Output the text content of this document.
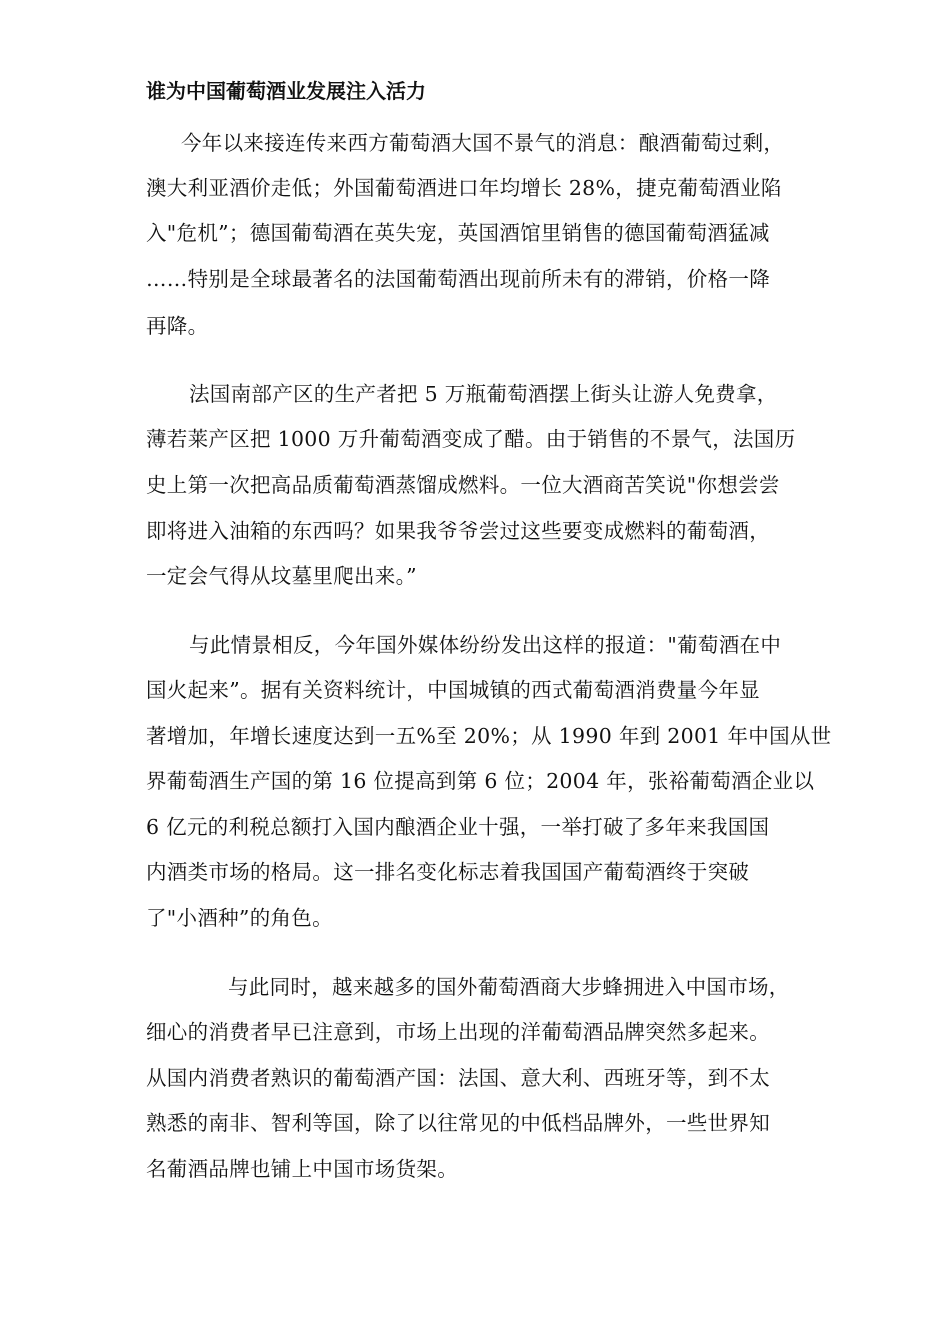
谁为中国葡萄酒业发展注入活力
今年以来接连传来西方葡萄酒大国不景气的消息：酿酒葡萄过剩，
澳大利亚酒价走低；外国葡萄酒进口年均增长 28%，捷克葡萄酒业陷
入"危机”；德国葡萄酒在英失宠，英国酒馆里销售的德国葡萄酒猛减
……特别是全球最著名的法国葡萄酒出现前所未有的滞销，价格一降
再降。
法国南部产区的生产者把 5 万瓶葡萄酒摆上街头让游人免费拿，
薄若莱产区把 1000 万升葡萄酒变成了醋。由于销售的不景气，法国历
史上第一次把高品质葡萄酒蒸馏成燃料。一位大酒商苦笑说"你想尝尝
即将进入油箱的东西吗？如果我爷爷尝过这些要变成燃料的葡萄酒，
一定会气得从坟墓里爬出来。”
与此情景相反，今年国外媒体纷纷发出这样的报道："葡萄酒在中
国火起来”。据有关资料统计，中国城镇的西式葡萄酒消费量今年显
著增加，年增长速度达到一五%至 20%；从 1990 年到 2001 年中国从世
界葡萄酒生产国的第 16 位提高到第 6 位；2004 年，张裕葡萄酒企业以
6 亿元的利税总额打入国内酿酒企业十强，一举打破了多年来我国国
内酒类市场的格局。这一排名变化标志着我国国产葡萄酒终于突破
了"小酒种”的角色。
与此同时，越来越多的国外葡萄酒商大步蜂拥进入中国市场，
细心的消费者早已注意到，市场上出现的洋葡萄酒品牌突然多起来。
从国内消费者熟识的葡萄酒产国：法国、意大利、西班牙等，到不太
熟悉的南非、智利等国，除了以往常见的中低档品牌外，一些世界知
名葡酒品牌也铺上中国市场货架。
